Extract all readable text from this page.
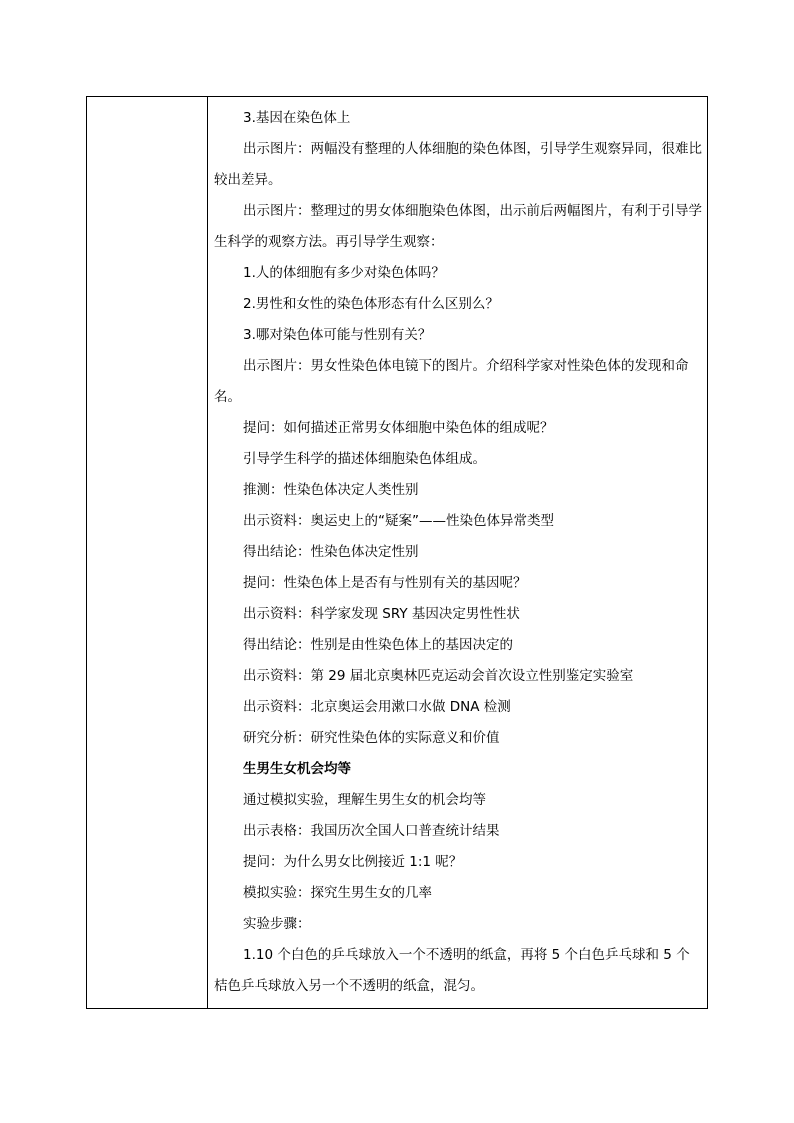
3.基因在染色体上

出示图片：两幅没有整理的人体细胞的染色体图，引导学生观察异同，很难比较出差异。

出示图片：整理过的男女体细胞染色体图，出示前后两幅图片，有利于引导学生科学的观察方法。再引导学生观察：

1.人的体细胞有多少对染色体吗？

2.男性和女性的染色体形态有什么区别么？

3.哪对染色体可能与性别有关？

出示图片：男女性染色体电镜下的图片。介绍科学家对性染色体的发现和命名。

提问：如何描述正常男女体细胞中染色体的组成呢？

引导学生科学的描述体细胞染色体组成。

推测：性染色体决定人类性别

出示资料：奥运史上的“疑案”——性染色体异常类型

得出结论：性染色体决定性别

提问：性染色体上是否有与性别有关的基因呢？

出示资料：科学家发现 SRY 基因决定男性性状

得出结论：性别是由性染色体上的基因决定的

出示资料：第 29 届北京奥林匹克运动会首次设立性别鉴定实验室

出示资料：北京奥运会用漱口水做 DNA 检测

研究分析：研究性染色体的实际意义和价值

生男生女机会均等

通过模拟实验，理解生男生女的机会均等

出示表格：我国历次全国人口普查统计结果

提问：为什么男女比例接近 1:1 呢？

模拟实验：探究生男生女的几率

实验步骤：

1.10 个白色的乒乓球放入一个不透明的纸盒，再将 5 个白色乒乓球和 5 个桔色乒乓球放入另一个不透明的纸盒，混匀。
